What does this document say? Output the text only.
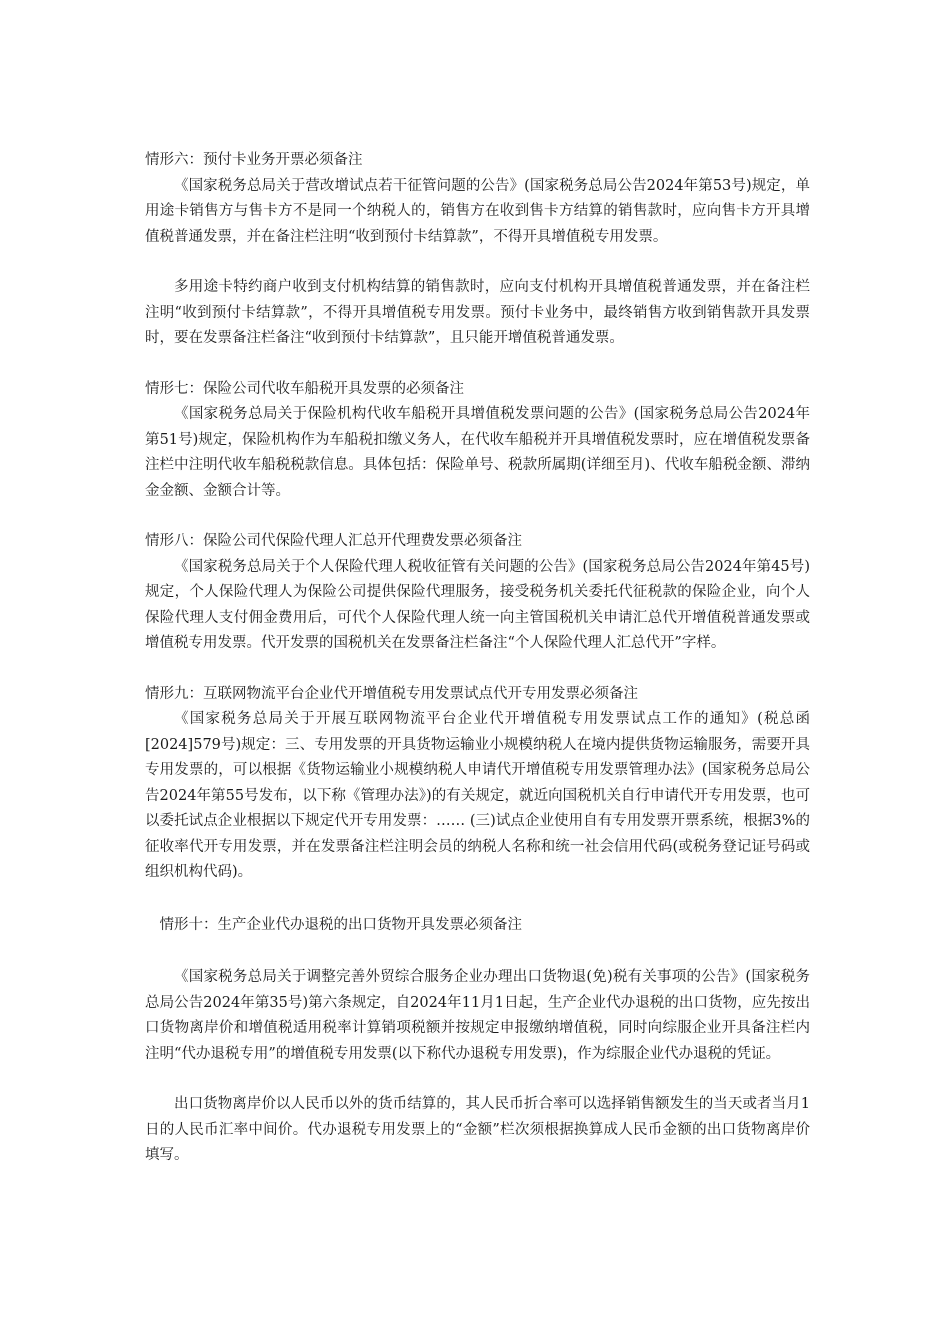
情形六：预付卡业务开票必须备注

《国家税务总局关于营改增试点若干征管问题的公告》(国家税务总局公告2024年第53号)规定，单用途卡销售方与售卡方不是同一个纳税人的，销售方在收到售卡方结算的销售款时，应向售卡方开具增值税普通发票，并在备注栏注明“收到预付卡结算款”，不得开具增值税专用发票。

多用途卡特约商户收到支付机构结算的销售款时，应向支付机构开具增值税普通发票，并在备注栏注明“收到预付卡结算款”，不得开具增值税专用发票。预付卡业务中，最终销售方收到销售款开具发票时，要在发票备注栏备注“收到预付卡结算款”，且只能开增值税普通发票。

情形七：保险公司代收车船税开具发票的必须备注

《国家税务总局关于保险机构代收车船税开具增值税发票问题的公告》(国家税务总局公告2024年第51号)规定，保险机构作为车船税扣缴义务人，在代收车船税并开具增值税发票时，应在增值税发票备注栏中注明代收车船税税款信息。具体包括：保险单号、税款所属期(详细至月)、代收车船税金额、滞纳金金额、金额合计等。

情形八：保险公司代保险代理人汇总开代理费发票必须备注

《国家税务总局关于个人保险代理人税收征管有关问题的公告》(国家税务总局公告2024年第45号)规定，个人保险代理人为保险公司提供保险代理服务，接受税务机关委托代征税款的保险企业，向个人保险代理人支付佣金费用后，可代个人保险代理人统一向主管国税机关申请汇总代开增值税普通发票或增值税专用发票。代开发票的国税机关在发票备注栏备注“个人保险代理人汇总代开”字样。

情形九：互联网物流平台企业代开增值税专用发票试点代开专用发票必须备注

《国家税务总局关于开展互联网物流平台企业代开增值税专用发票试点工作的通知》(税总函[2024]579号)规定：三、专用发票的开具货物运输业小规模纳税人在境内提供货物运输服务，需要开具专用发票的，可以根据《货物运输业小规模纳税人申请代开增值税专用发票管理办法》(国家税务总局公告2024年第55号发布，以下称《管理办法》)的有关规定，就近向国税机关自行申请代开专用发票，也可以委托试点企业根据以下规定代开专用发票：…… (三)试点企业使用自有专用发票开票系统，根据3%的征收率代开专用发票，并在发票备注栏注明会员的纳税人名称和统一社会信用代码(或税务登记证号码或组织机构代码)。

情形十：生产企业代办退税的出口货物开具发票必须备注

《国家税务总局关于调整完善外贸综合服务企业办理出口货物退(免)税有关事项的公告》(国家税务总局公告2024年第35号)第六条规定，自2024年11月1日起，生产企业代办退税的出口货物，应先按出口货物离岸价和增值税适用税率计算销项税额并按规定申报缴纳增值税，同时向综服企业开具备注栏内注明“代办退税专用”的增值税专用发票(以下称代办退税专用发票)，作为综服企业代办退税的凭证。

出口货物离岸价以人民币以外的货币结算的，其人民币折合率可以选择销售额发生的当天或者当月1日的人民币汇率中间价。代办退税专用发票上的“金额”栏次须根据换算成人民币金额的出口货物离岸价填写。
